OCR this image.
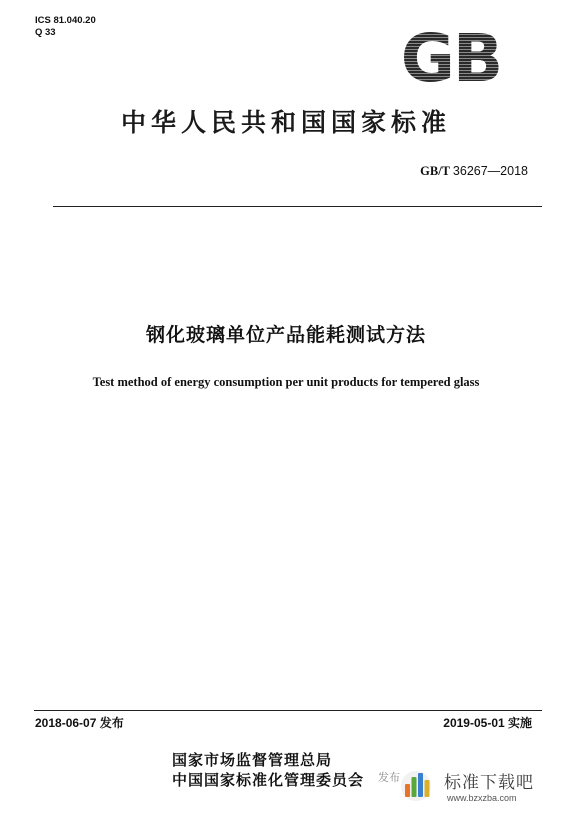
ICS 81.040.20
Q 33	GB
中华人民共和国国家标准
GB/T 36267—2018
钢化玻璃单位产品能耗测试方法
Test method of energy consumption per unit products for tempered glass
2018-06-07 发布	2019-05-01 实施
国家市场监督管理总局
中国国家标准化管理委员会 发布	标准下载吧
www.bzxzba.com
